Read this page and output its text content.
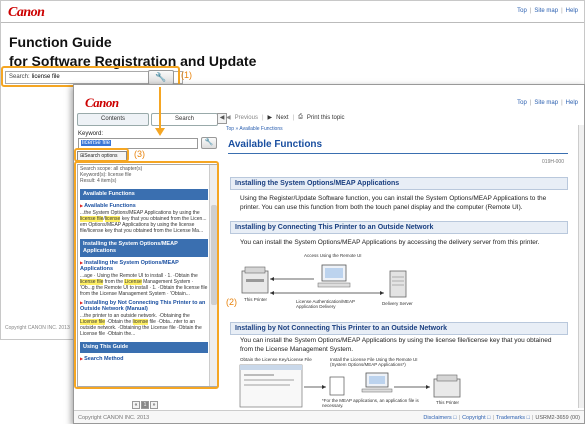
Canon	Top | Site map | Help
Function Guide
for Software Registration and Update
Search: license file	🔧
Copyright CANON INC. 2013
(1)
Canon	Top | Site map | Help
Contents	Search	◀ ◀ Previous | ▶ Next | ⎙ Print this topic
Keyword:
license file	🔧
⊞Search options
Search scope: all chapter(s)
Keyword(s): license file
Result: 4 item(s)
Available Functions
▶ Available Functions
...the System Options/MEAP Applications by using the license filelicense key that you obtained from the Licen... em Options/MEAP Applications by using the license file/license key that you obtained from the License Ma...
Installing the System Options/MEAP Applications
▶ Installing the System Options/MEAP Applications
...age · Using the Remote UI to install · 1. ·Obtain the license file from the License Management System · 'Ob...g the Remote UI to install · 1. ·Obtain the license file from the License Management System · 'Obtain...
▶ Installing by Not Connecting This Printer to an Outside Network (Manual)
...the printer to an outside network. ·Obtaining the License file ·Obtain the license file ·Obta...nter to an outside network. ·Obtaining the License file ·Obtain the License file ·Obtain the...
Using This Guide
▶ Search Method
«	1	»
Top » Available Functions
Available Functions
019H-000
Installing the System Options/MEAP Applications
Using the Register/Update Software function, you can install the System Options/MEAP Applications to the printer. You can use this function from both the touch panel display and the computer (Remote UI).
Installing by Connecting This Printer to an Outside Network
You can install the System Options/MEAP Applications by accessing the delivery server from this printer.
This Printer
Access Using the Remote UI
License Authentication/MEAP
Application Delivery
Delivery Server
Installing by Not Connecting This Printer to an Outside Network
You can install the System Options/MEAP Applications by using the license file/license key that you obtained from the License Management System.
Obtain the License Key/License File	Install the License File Using the Remote UI
(System Options/MEAP Applications*)
This Printer
*For the MEAP applications, an application file is
necessary.
Copyright CANON INC. 2013	Disclaimers □ | Copyright □ | Trademarks □ | USRM2-3659 (00)
(3)
(2)
